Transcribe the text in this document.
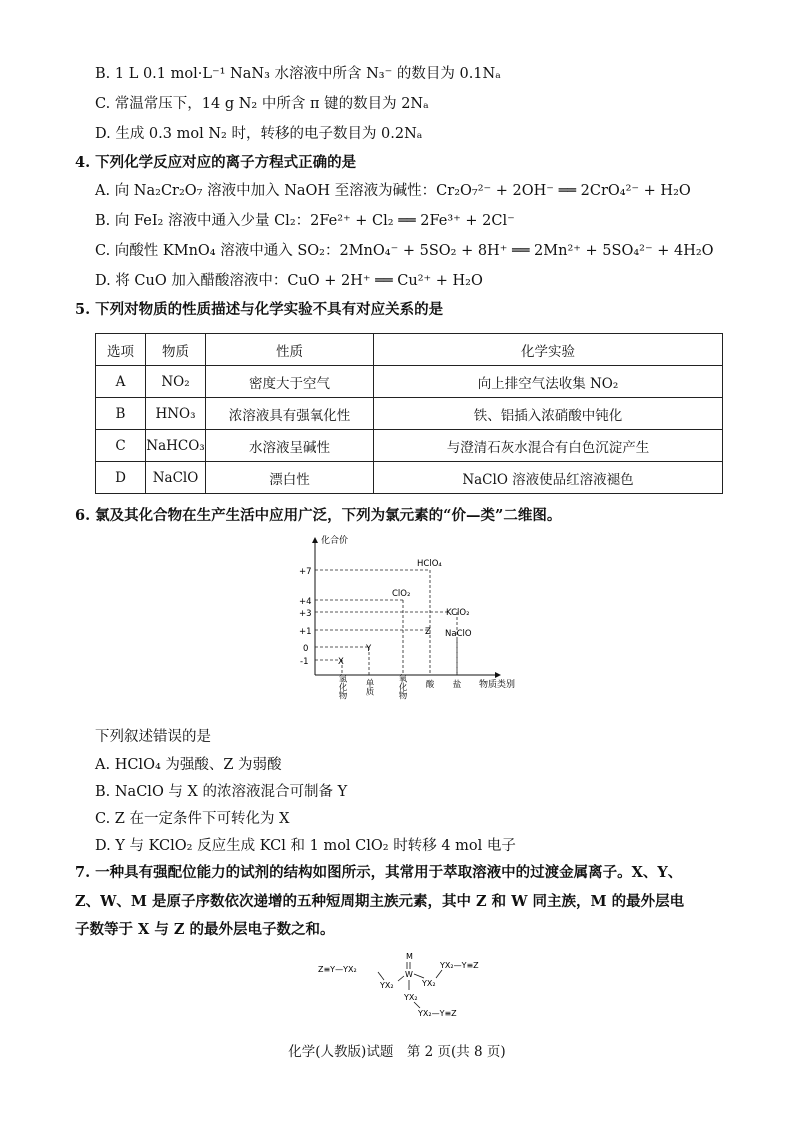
B. 1 L 0.1 mol·L⁻¹ NaN₃ 水溶液中所含 N₃⁻ 的数目为 0.1Nₐ
C. 常温常压下，14 g N₂ 中所含 π 键的数目为 2Nₐ
D. 生成 0.3 mol N₂ 时，转移的电子数目为 0.2Nₐ
4. 下列化学反应对应的离子方程式正确的是
A. 向 Na₂Cr₂O₇ 溶液中加入 NaOH 至溶液为碱性：Cr₂O₇²⁻ + 2OH⁻ ══ 2CrO₄²⁻ + H₂O
B. 向 FeI₂ 溶液中通入少量 Cl₂：2Fe²⁺ + Cl₂ ══ 2Fe³⁺ + 2Cl⁻
C. 向酸性 KMnO₄ 溶液中通入 SO₂：2MnO₄⁻ + 5SO₂ + 8H⁺ ══ 2Mn²⁺ + 5SO₄²⁻ + 4H₂O
D. 将 CuO 加入醋酸溶液中：CuO + 2H⁺ ══ Cu²⁺ + H₂O
5. 下列对物质的性质描述与化学实验不具有对应关系的是
选项	物质	性质	化学实验
A	NO₂	密度大于空气	向上排空气法收集 NO₂
B	HNO₃	浓溶液具有强氧化性	铁、铝插入浓硝酸中钝化
C	NaHCO₃	水溶液呈碱性	与澄清石灰水混合有白色沉淀产生
D	NaClO	漂白性	NaClO 溶液使品红溶液褪色
6. 氯及其化合物在生产生活中应用广泛，下列为氯元素的“价—类”二维图。
化合价
物质类别
+7
+4
+3
+1
0
-1
HClO₄
ClO₂
KClO₂
Z NaClO
Y
X
氢化物 单质	氧化物 酸 盐
下列叙述错误的是
A. HClO₄ 为强酸、Z 为弱酸
B. NaClO 与 X 的浓溶液混合可制备 Y
C. Z 在一定条件下可转化为 X
D. Y 与 KClO₂ 反应生成 KCl 和 1 mol ClO₂ 时转移 4 mol 电子
7. 一种具有强配位能力的试剂的结构如图所示，其常用于萃取溶液中的过渡金属离子。X、Y、
Z、W、M 是原子序数依次递增的五种短周期主族元素，其中 Z 和 W 同主族，M 的最外层电
子数等于 X 与 Z 的最外层电子数之和。
M
W
Z≡Y—YX₂
YX₂	YX₂
YX₂—Y≡Z
YX₂
YX₂—Y≡Z
化学(人教版)试题　第 2 页(共 8 页)
